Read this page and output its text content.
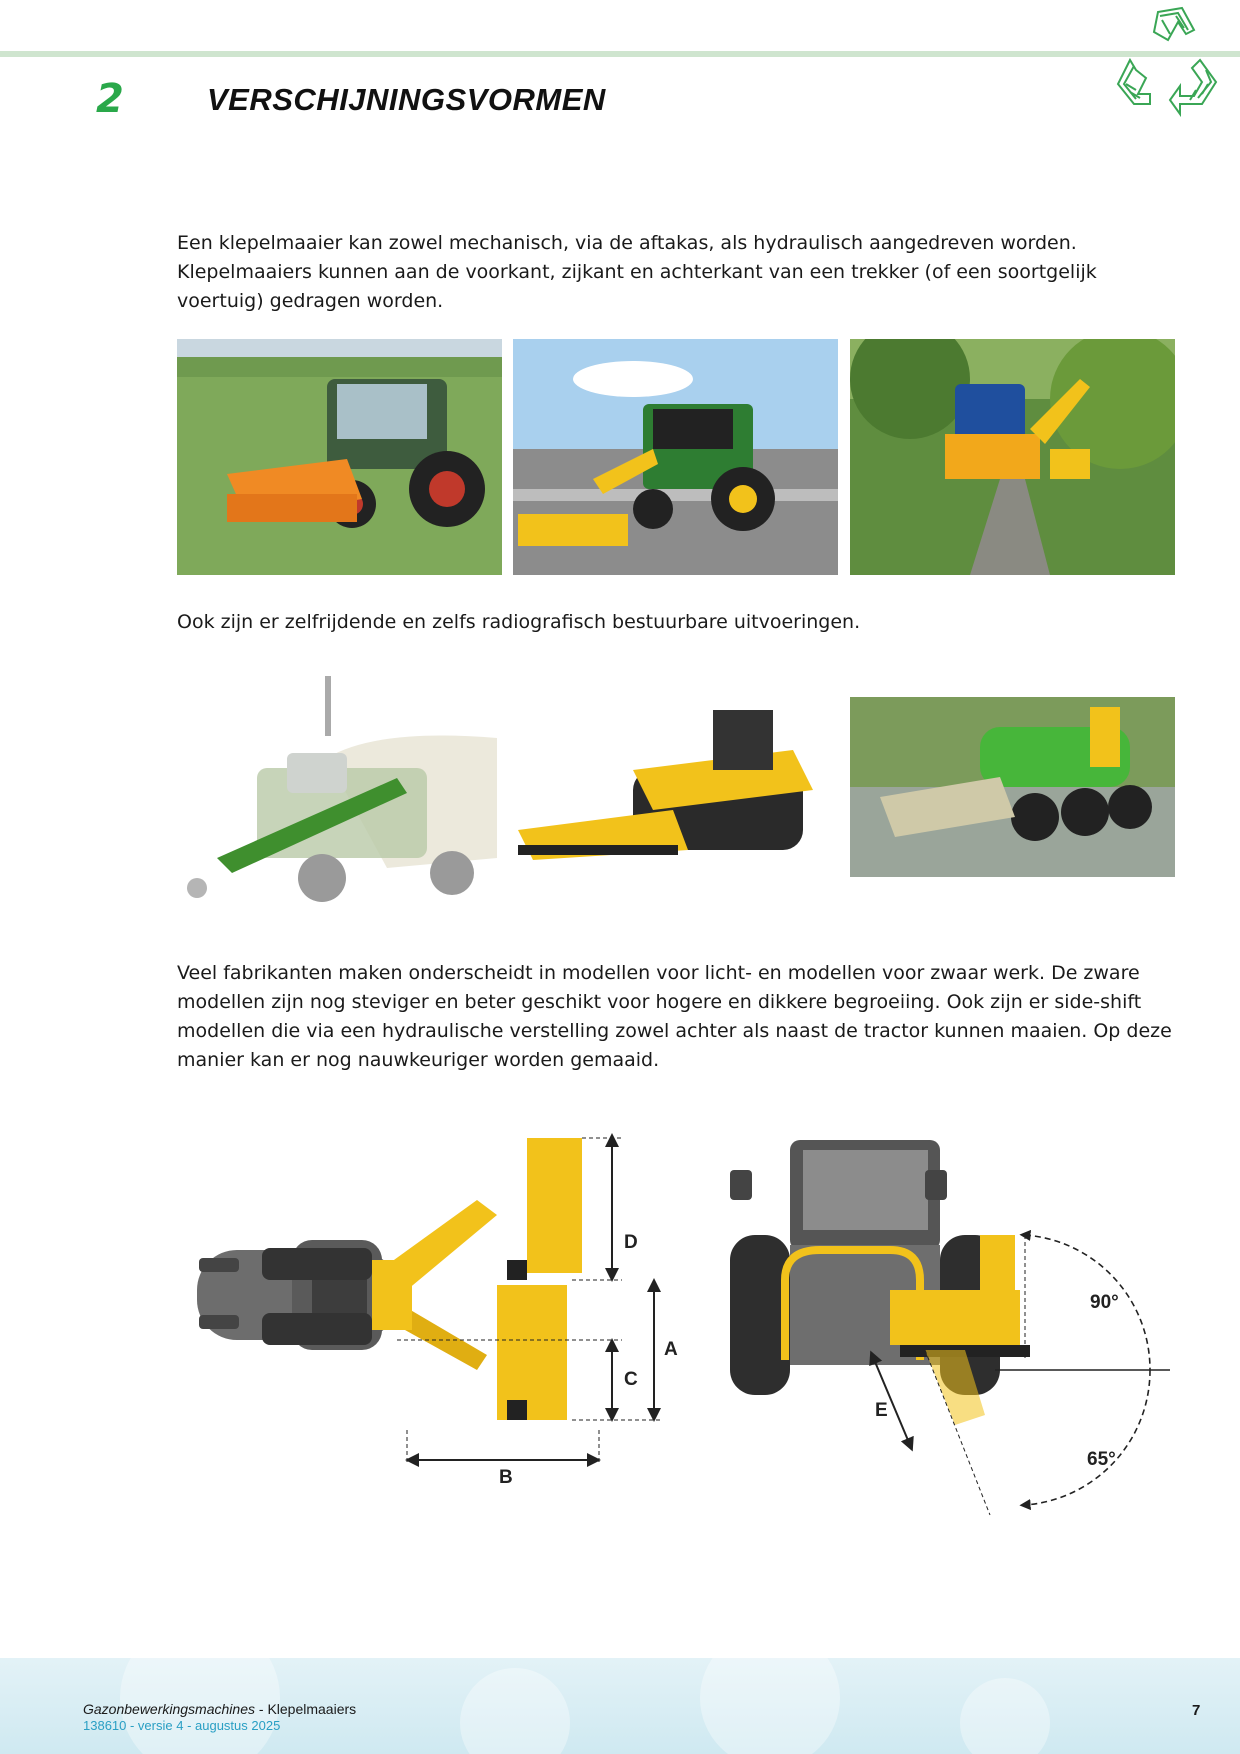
2	VERSCHIJNINGSVORMEN

Een klepelmaaier kan zowel mechanisch, via de aftakas, als hydraulisch aangedreven worden. Klepelmaaiers kunnen aan de voorkant, zijkant en achterkant van een trekker (of een soortgelijk voertuig) gedragen worden.

Ook zijn er zelfrijdende en zelfs radiografisch bestuurbare uitvoeringen.

Veel fabrikanten maken onderscheidt in modellen voor licht- en modellen voor zwaar werk. De zware modellen zijn nog steviger en beter geschikt voor hogere en dikkere begroeiing. Ook zijn er side-shift modellen die via een hydraulische verstelling zowel achter als naast de tractor kunnen maaien. Op deze manier kan er nog nauwkeuriger worden gemaaid.

D
C
A
B
90°
65°
E
Gazonbewerkingsmachines - Klepelmaaiers
138610 - versie 4 - augustus 2025
7
